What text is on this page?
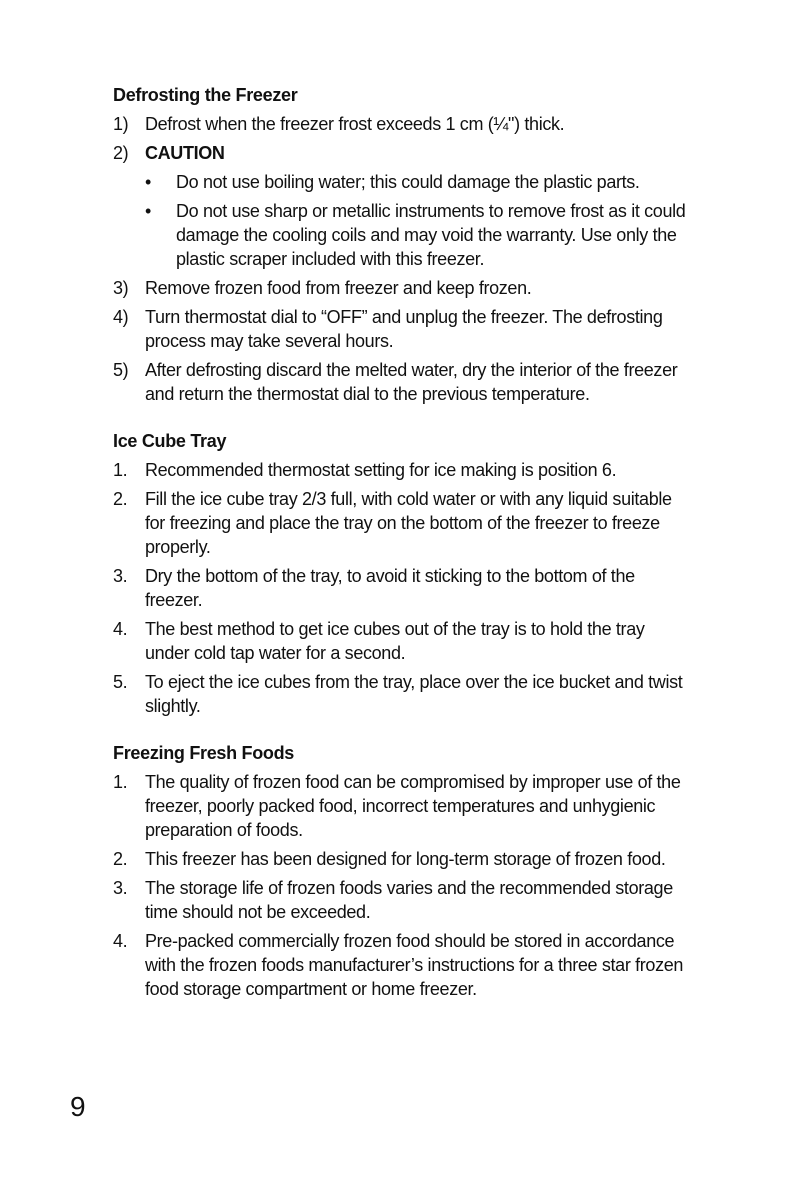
Defrosting the Freezer
1) Defrost when the freezer frost exceeds 1 cm (¼") thick.
2) CAUTION
• Do not use boiling water; this could damage the plastic parts.
• Do not use sharp or metallic instruments to remove frost as it could damage the cooling coils and may void the warranty. Use only the plastic scraper included with this freezer.
3) Remove frozen food from freezer and keep frozen.
4) Turn thermostat dial to “OFF” and unplug the freezer. The defrosting process may take several hours.
5) After defrosting discard the melted water, dry the interior of the freezer and return the thermostat dial to the previous temperature.
Ice Cube Tray
1. Recommended thermostat setting for ice making is position 6.
2. Fill the ice cube tray 2/3 full, with cold water or with any liquid suitable for freezing and place the tray on the bottom of the freezer to freeze properly.
3. Dry the bottom of the tray, to avoid it sticking to the bottom of the freezer.
4. The best method to get ice cubes out of the tray is to hold the tray under cold tap water for a second.
5. To eject the ice cubes from the tray, place over the ice bucket and twist slightly.
Freezing Fresh Foods
1. The quality of frozen food can be compromised by improper use of the freezer, poorly packed food, incorrect temperatures and unhygienic preparation of foods.
2. This freezer has been designed for long-term storage of frozen food.
3. The storage life of frozen foods varies and the recommended storage time should not be exceeded.
4. Pre-packed commercially frozen food should be stored in accordance with the frozen foods manufacturer’s instructions for a three star frozen food storage compartment or home freezer.
9
